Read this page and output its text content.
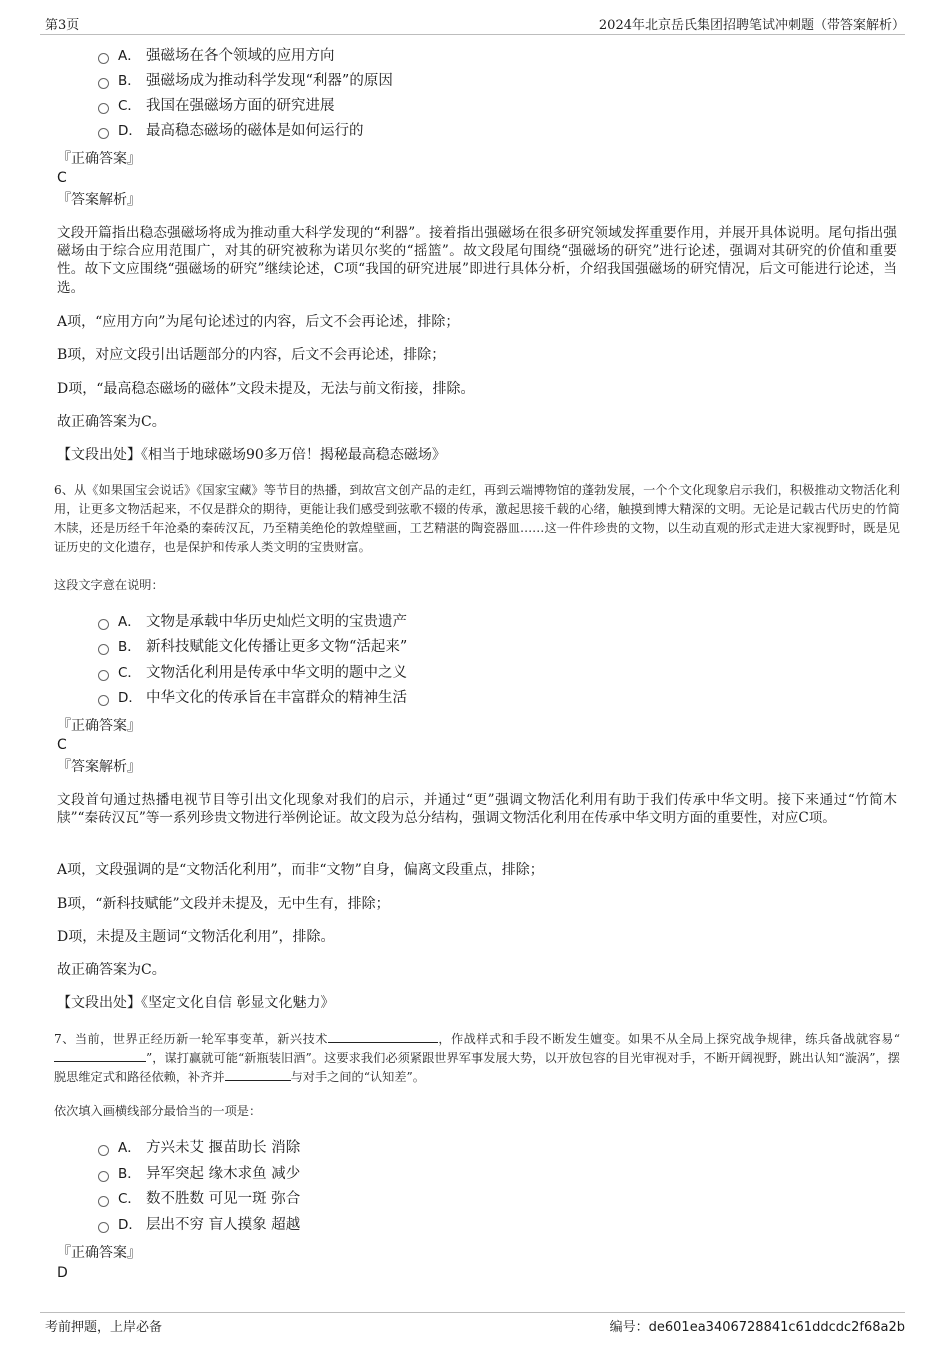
第3页	2024年北京岳氏集团招聘笔试冲刺题（带答案解析）
A． 强磁场在各个领域的应用方向
B． 强磁场成为推动科学发现“利器”的原因
C． 我国在强磁场方面的研究进展
D． 最高稳态磁场的磁体是如何运行的
『正确答案』
C
『答案解析』
文段开篇指出稳态强磁场将成为推动重大科学发现的“利器”。接着指出强磁场在很多研究领域发挥重要作用，并展开具体说明。尾句指出强磁场由于综合应用范围广，对其的研究被称为诺贝尔奖的“摇篮”。故文段尾句围绕“强磁场的研究”进行论述，强调对其研究的价值和重要性。故下文应围绕“强磁场的研究”继续论述，C项“我国的研究进展”即进行具体分析，介绍我国强磁场的研究情况，后文可能进行论述，当选。
A项，“应用方向”为尾句论述过的内容，后文不会再论述，排除；
B项，对应文段引出话题部分的内容，后文不会再论述，排除；
D项，“最高稳态磁场的磁体”文段未提及，无法与前文衔接，排除。
故正确答案为C。
【文段出处】《相当于地球磁场90多万倍！揭秘最高稳态磁场》
6、从《如果国宝会说话》《国家宝藏》等节目的热播，到故宫文创产品的走红，再到云端博物馆的蓬勃发展，一个个文化现象启示我们，积极推动文物活化利用，让更多文物活起来，不仅是群众的期待，更能让我们感受到弦歌不辍的传承，激起思接千载的心绪，触摸到博大精深的文明。无论是记载古代历史的竹简木牍，还是历经千年沧桑的秦砖汉瓦，乃至精美绝伦的敦煌壁画，工艺精湛的陶瓷器皿……这一件件珍贵的文物，以生动直观的形式走进大家视野时，既是见证历史的文化遗存，也是保护和传承人类文明的宝贵财富。
这段文字意在说明：
A． 文物是承载中华历史灿烂文明的宝贵遗产
B． 新科技赋能文化传播让更多文物“活起来”
C． 文物活化利用是传承中华文明的题中之义
D． 中华文化的传承旨在丰富群众的精神生活
『正确答案』
C
『答案解析』
文段首句通过热播电视节目等引出文化现象对我们的启示，并通过“更”强调文物活化利用有助于我们传承中华文明。接下来通过“竹简木牍”“秦砖汉瓦”等一系列珍贵文物进行举例论证。故文段为总分结构，强调文物活化利用在传承中华文明方面的重要性，对应C项。
A项，文段强调的是“文物活化利用”，而非“文物”自身，偏离文段重点，排除；
B项，“新科技赋能”文段并未提及，无中生有，排除；
D项，未提及主题词“文物活化利用”，排除。
故正确答案为C。
【文段出处】《坚定文化自信 彰显文化魅力》
7、当前，世界正经历新一轮军事变革，新兴技术	，作战样式和手段不断发生嬗变。如果不从全局上探究战争规律，练兵备战就容易“”，谋打赢就可能“新瓶装旧酒”。这要求我们必须紧跟世界军事发展大势，以开放包容的目光审视对手，不断开阔视野，跳出认知“漩涡”，摆脱思维定式和路径依赖，补齐并	与对手之间的“认知差”。
依次填入画横线部分最恰当的一项是：
A． 方兴未艾 揠苗助长 消除
B． 异军突起 缘木求鱼 减少
C． 数不胜数 可见一斑 弥合
D． 层出不穷 盲人摸象 超越
『正确答案』
D
考前押题，上岸必备	编号：de601ea3406728841c61ddcdc2f68a2b
